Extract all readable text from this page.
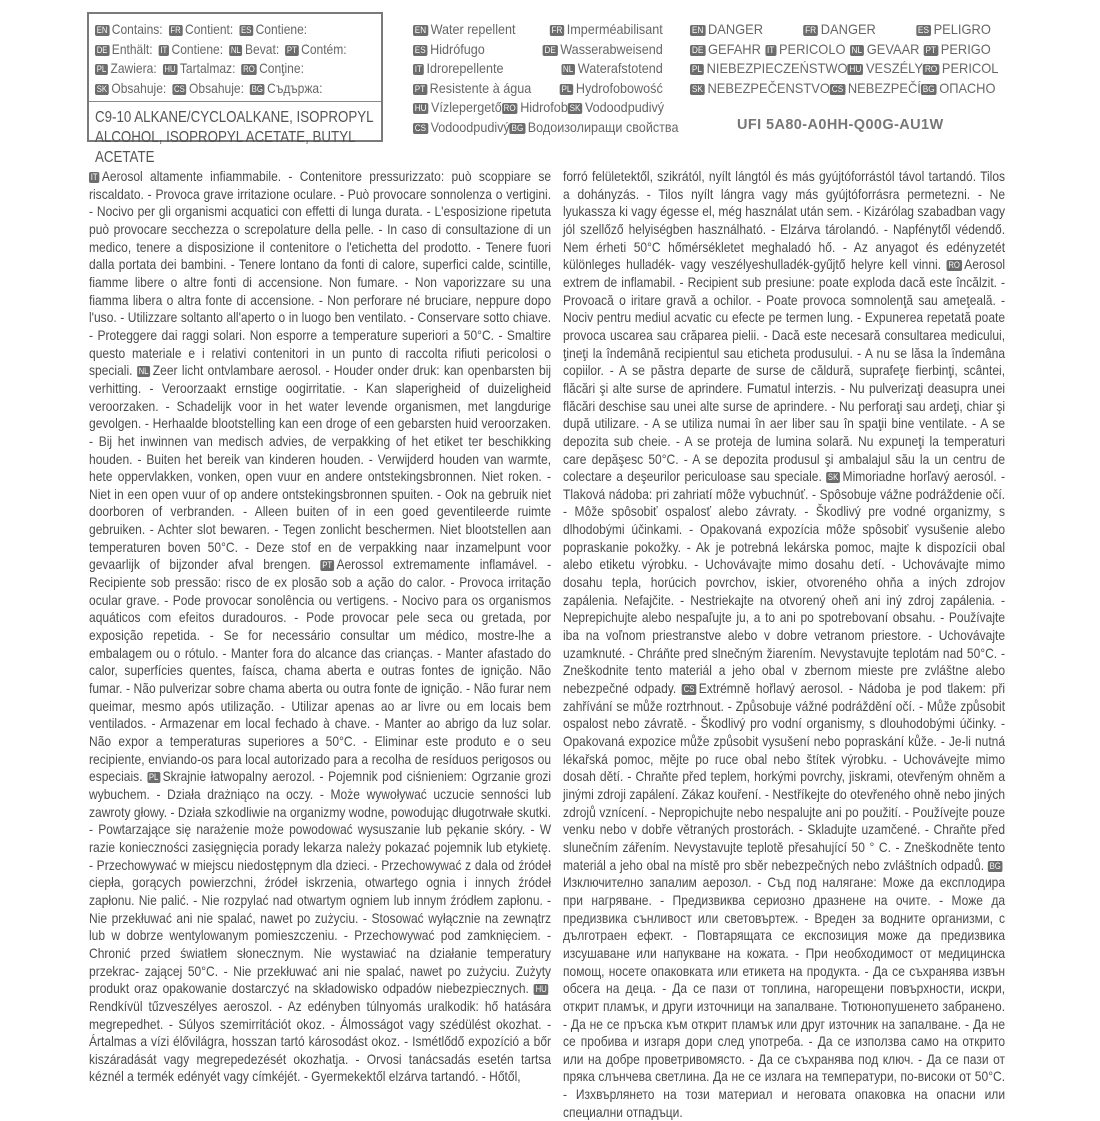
EN Contains: FR Contient: ES Contiene:DE Enthält: IT Contiene: NL Bevat: PT Contém:PL Zawiera: HU Tartalmaz: RO Conţine:SK Obsahuje: CS Obsahuje: BG Съдържа:
C9-10 ALKANE/CYCLOALKANE, ISOPROPYL ALCOHOL, ISOPROPYL ACETATE, BUTYL ACETATE
EN Water repellent	FR Imperméabilisant
ES Hidrófugo	DE Wasserabweisend
IT Idrorepellente	NL Waterafstotend
PT Resistente à água	PL Hydrofobowość
HU Vízlepergető RO Hidrofob SK Vodoodpudivý
CS Vodoodpudivý BG Водоизолиращи свойства
EN DANGER	FR DANGER	ES PELIGRO
DE GEFAHR IT PERICOLO NL GEVAAR PT PERIGO
PL NIEBEZPIECZEŃSTWO HU VESZÉLY RO PERICOL
SK NEBEZPEČENSTVO CS NEBEZPEČÍ BG ОПАСНО
UFI 5A80-A0HH-Q00G-AU1W
IT Aerosol altamente infiammabile. - Contenitore pressurizzato: può scoppiare se riscaldato. - Provoca grave irritazione oculare. - Può provocare sonnolenza o vertigini. - Nocivo per gli organismi acquatici con effetti di lunga durata. - L'esposizione ripetuta può provocare secchezza o screpolature della pelle. - In caso di consultazione di un medico, tenere a disposizione il contenitore o l'etichetta del prodotto. - Tenere fuori dalla portata dei bambini. - Tenere lontano da fonti di calore, superfici calde, scintille, fiamme libere o altre fonti di accensione. Non fumare. - Non vaporizzare su una fiamma libera o altra fonte di accensione. - Non perforare né bruciare, neppure dopo l'uso. - Utilizzare soltanto all'aperto o in luogo ben ventilato. - Conservare sotto chiave. - Proteggere dai raggi solari. Non esporre a temperature superiori a 50°C. - Smaltire questo materiale e i relativi contenitori in un punto di raccolta rifiuti pericolosi o speciali. NL Zeer licht ontvlambare aerosol. - Houder onder druk: kan openbarsten bij verhitting. - Veroorzaakt ernstige oogirritatie. - Kan slaperigheid of duizeligheid veroorzaken. - Schadelijk voor in het water levende organismen, met langdurige gevolgen. - Herhaalde blootstelling kan een droge of een gebarsten huid veroorzaken. - Bij het inwinnen van medisch advies, de verpakking of het etiket ter beschikking houden. - Buiten het bereik van kinderen houden. - Verwijderd houden van warmte, hete oppervlakken, vonken, open vuur en andere ontstekingsbronnen. Niet roken. - Niet in een open vuur of op andere ontstekingsbronnen spuiten. - Ook na gebruik niet doorboren of verbranden. - Alleen buiten of in een goed geventileerde ruimte gebruiken. - Achter slot bewaren. - Tegen zonlicht beschermen. Niet blootstellen aan temperaturen boven 50°C. - Deze stof en de verpakking naar inzamelpunt voor gevaarlijk of bijzonder afval brengen. PT Aerossol extremamente inflamável. - Recipiente sob pressão: risco de ex plosão sob a ação do calor. - Provoca irritação ocular grave. - Pode provocar sonolência ou vertigens. - Nocivo para os organismos aquáticos com efeitos duradouros. - Pode provocar pele seca ou gretada, por exposição repetida. - Se for necessário consultar um médico, mostre-lhe a embalagem ou o rótulo. - Manter fora do alcance das crianças. - Manter afastado do calor, superfícies quentes, faísca, chama aberta e outras fontes de ignição. Não fumar. - Não pulverizar sobre chama aberta ou outra fonte de ignição. - Não furar nem queimar, mesmo após utilização. - Utilizar apenas ao ar livre ou em locais bem ventilados. - Armazenar em local fechado à chave. - Manter ao abrigo da luz solar. Não expor a temperaturas superiores a 50°C. - Eliminar este produto e o seu recipiente, enviando-os para local autorizado para a recolha de resíduos perigosos ou especiais. PL Skrajnie łatwopalny aerozol. - Pojemnik pod ciśnieniem: Ogrzanie grozi wybuchem. - Działa drażniąco na oczy. - Może wywoływać uczucie senności lub zawroty głowy. - Działa szkodliwie na organizmy wodne, powodując długotrwałe skutki. - Powtarzające się narażenie może powodować wysuszanie lub pękanie skóry. - W razie konieczności zasięgnięcia porady lekarza należy pokazać pojemnik lub etykietę. - Przechowywać w miejscu niedostępnym dla dzieci. - Przechowywać z dala od źródeł ciepła, gorących powierzchni, źródeł iskrzenia, otwartego ognia i innych źródeł zapłonu. Nie palić. - Nie rozpylać nad otwartym ogniem lub innym źródłem zapłonu. - Nie przekłuwać ani nie spalać, nawet po zużyciu. - Stosować wyłącznie na zewnątrz lub w dobrze wentylowanym pomieszczeniu. - Przechowywać pod zamknięciem. - Chronić przed światłem słonecznym. Nie wystawiać na działanie temperatury przekrac- zającej 50°C. - Nie przekłuwać ani nie spalać, nawet po zużyciu. Zużyty produkt oraz opakowanie dostarczyć na składowisko odpadów niebezpiecznych. HURendkívül tűzveszélyes aeroszol. - Az edényben túlnyomás uralkodik: hő hatására megrepedhet. - Súlyos szemirritációt okoz. - Álmosságot vagy szédülést okozhat. - Ártalmas a vízi élővilágra, hosszan tartó károsodást okoz. - Ismétlődő expozíció a bőr kiszáradását vagy megrepedezését okozhatja. - Orvosi tanácsadás esetén tartsa kéznél a termék edényét vagy címkéjét. - Gyermekektől elzárva tartandó. - Hőtől,
forró felületektől, szikrától, nyílt lángtól és más gyújtóforrástól távol tartandó. Tilos a dohányzás. - Tilos nyílt lángra vagy más gyújtóforrásra permetezni. - Ne lyukassza ki vagy égesse el, még használat után sem. - Kizárólag szabadban vagy jól szellőző helyiségben használható. - Elzárva tárolandó. - Napfénytől védendő. Nem érheti 50°C hőmérsékletet meghaladó hő. - Az anyagot és edényzetét különleges hulladék- vagy veszélyeshulladék-gyűjtő helyre kell vinni. RO Aerosol extrem de inflamabil. - Recipient sub presiune: poate exploda dacă este încălzit. - Provoacă o iritare gravă a ochilor. - Poate provoca somnolenţă sau ameţeală. - Nociv pentru mediul acvatic cu efecte pe termen lung. - Expunerea repetată poate provoca uscarea sau crăparea pielii. - Dacă este necesară consultarea medicului, ţineţi la îndemână recipientul sau eticheta produsului. - A nu se lăsa la îndemâna copiilor. - A se păstra departe de surse de căldură, suprafeţe fierbinţi, scântei, flăcări şi alte surse de aprindere. Fumatul interzis. - Nu pulverizaţi deasupra unei flăcări deschise sau unei alte surse de aprindere. - Nu perforaţi sau ardeţi, chiar şi după utilizare. - A se utiliza numai în aer liber sau în spaţii bine ventilate. - A se depozita sub cheie. - A se proteja de lumina solară. Nu expuneţi la temperaturi care depăşesc 50°C. - A se depozita produsul şi ambalajul său la un centru de colectare a deşeurilor periculoase sau speciale. SK Mimoriadne horľavý aerosól. - Tlaková nádoba: pri zahriatí môže vybuchnúť. - Spôsobuje vážne podráždenie očí. - Môže spôsobiť ospalosť alebo závraty. - Škodlivý pre vodné organizmy, s dlhodobými účinkami. - Opakovaná expozícia môže spôsobiť vysušenie alebo popraskanie pokožky. - Ak je potrebná lekárska pomoc, majte k dispozícii obal alebo etiketu výrobku. - Uchovávajte mimo dosahu detí. - Uchovávajte mimo dosahu tepla, horúcich povrchov, iskier, otvoreného ohňa a iných zdrojov zapálenia. Nefajčite. - Nestriekajte na otvorený oheň ani iný zdroj zapálenia. - Neprepichujte alebo nespaľujte ju, a to ani po spotrebovaní obsahu. - Používajte iba na voľnom priestranstve alebo v dobre vetranom priestore. - Uchovávajte uzamknuté. - Chráňte pred slnečným žiarením. Nevystavujte teplotám nad 50°C. - Zneškodnite tento materiál a jeho obal v zbernom mieste pre zvláštne alebo nebezpečné odpady. CS Extrémně hořlavý aerosol. - Nádoba je pod tlakem: při zahřívání se může roztrhnout. - Způsobuje vážné podráždění očí. - Může způsobit ospalost nebo závratě. - Škodlivý pro vodní organismy, s dlouhodobými účinky. - Opakovaná expozice může způsobit vysušení nebo popraskání kůže. - Je-li nutná lékařská pomoc, mějte po ruce obal nebo štítek výrobku. - Uchovávejte mimo dosah dětí. - Chraňte před teplem, horkými povrchy, jiskrami, otevřeným ohněm a jinými zdroji zapálení. Zákaz kouření. - Nestříkejte do otevřeného ohně nebo jiných zdrojů vznícení. - Nepropichujte nebo nespalujte ani po použití. - Používejte pouze venku nebo v dobře větraných prostorách. - Skladujte uzamčené. - Chraňte před slunečním zářením. Nevystavujte teplotě přesahující 50 ° C. - Zneškodněte tento materiál a jeho obal na místě pro sběr nebezpečných nebo zvláštních odpadů. BGИзключително запалим аерозол. - Съд под налягане: Може да експлодира при нагряване. - Предизвиква сериозно дразнене на очите. - Може да предизвика сънливост или световъртеж. - Вреден за водните организми, с дълготраен ефект. - Повтарящата се експозиция може да предизвика изсушаване или напукване на кожата. - При необходимост от медицинска помощ, носете опаковката или етикета на продукта. - Да се съхранява извън обсега на деца. - Да се пази от топлина, нагорещени повърхности, искри, открит пламък, и други източници на запалване. Тютюнопушенето забранено. - Да не се пръска към открит пламък или друг източник на запалване. - Да не се пробива и изгаря дори след употреба. - Да се използва само на открито или на добре проветривомясто. - Да се съхранява под ключ. - Да се пази от пряка слънчева светлина. Да не се излага на температури, по-високи от 50°C. - Изхвърлянето на този материал и неговата опаковка на опасни или специални отпадъци.
